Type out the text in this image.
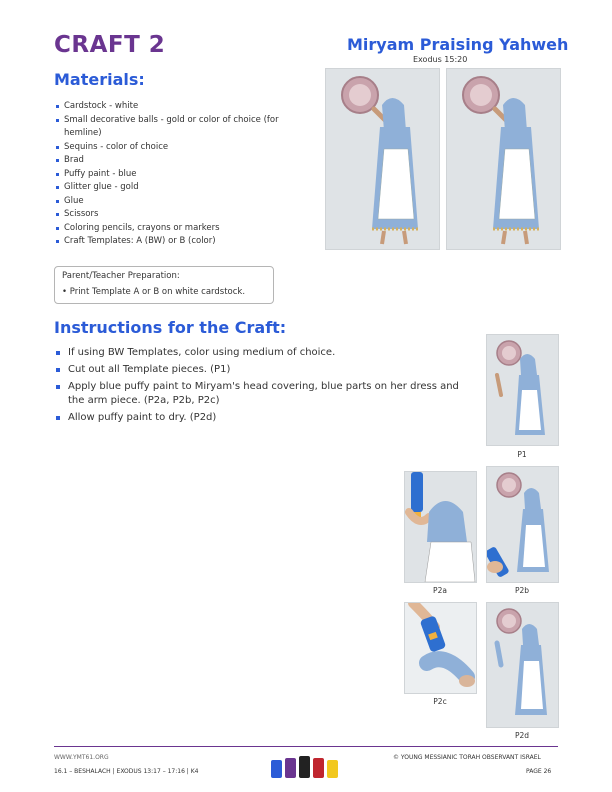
CRAFT 2	Miryam Praising Yahweh
Exodus 15:20
Materials:
Cardstock - white
Small decorative balls - gold or color of choice (for hemline)
Sequins - color of choice
Brad
Puffy paint - blue
Glitter glue - gold
Glue
Scissors
Coloring pencils, crayons or markers
Craft Templates: A (BW) or B (color)
Parent/Teacher Preparation:
• Print Template A or B on white cardstock.
Instructions for the Craft:
If using BW Templates, color using medium of choice.
Cut out all Template pieces. (P1)
Apply blue puffy paint to Miryam's head covering, blue parts on her dress and the arm piece. (P2a, P2b, P2c)
Allow puffy paint to dry. (P2d)
P1
P2a	P2b
P2c
P2d
WWW.YMT61.ORG
16.1 – BESHALACH | EXODUS 13:17 – 17:16 | K4
© YOUNG MESSIANIC TORAH OBSERVANT ISRAEL
PAGE 26
